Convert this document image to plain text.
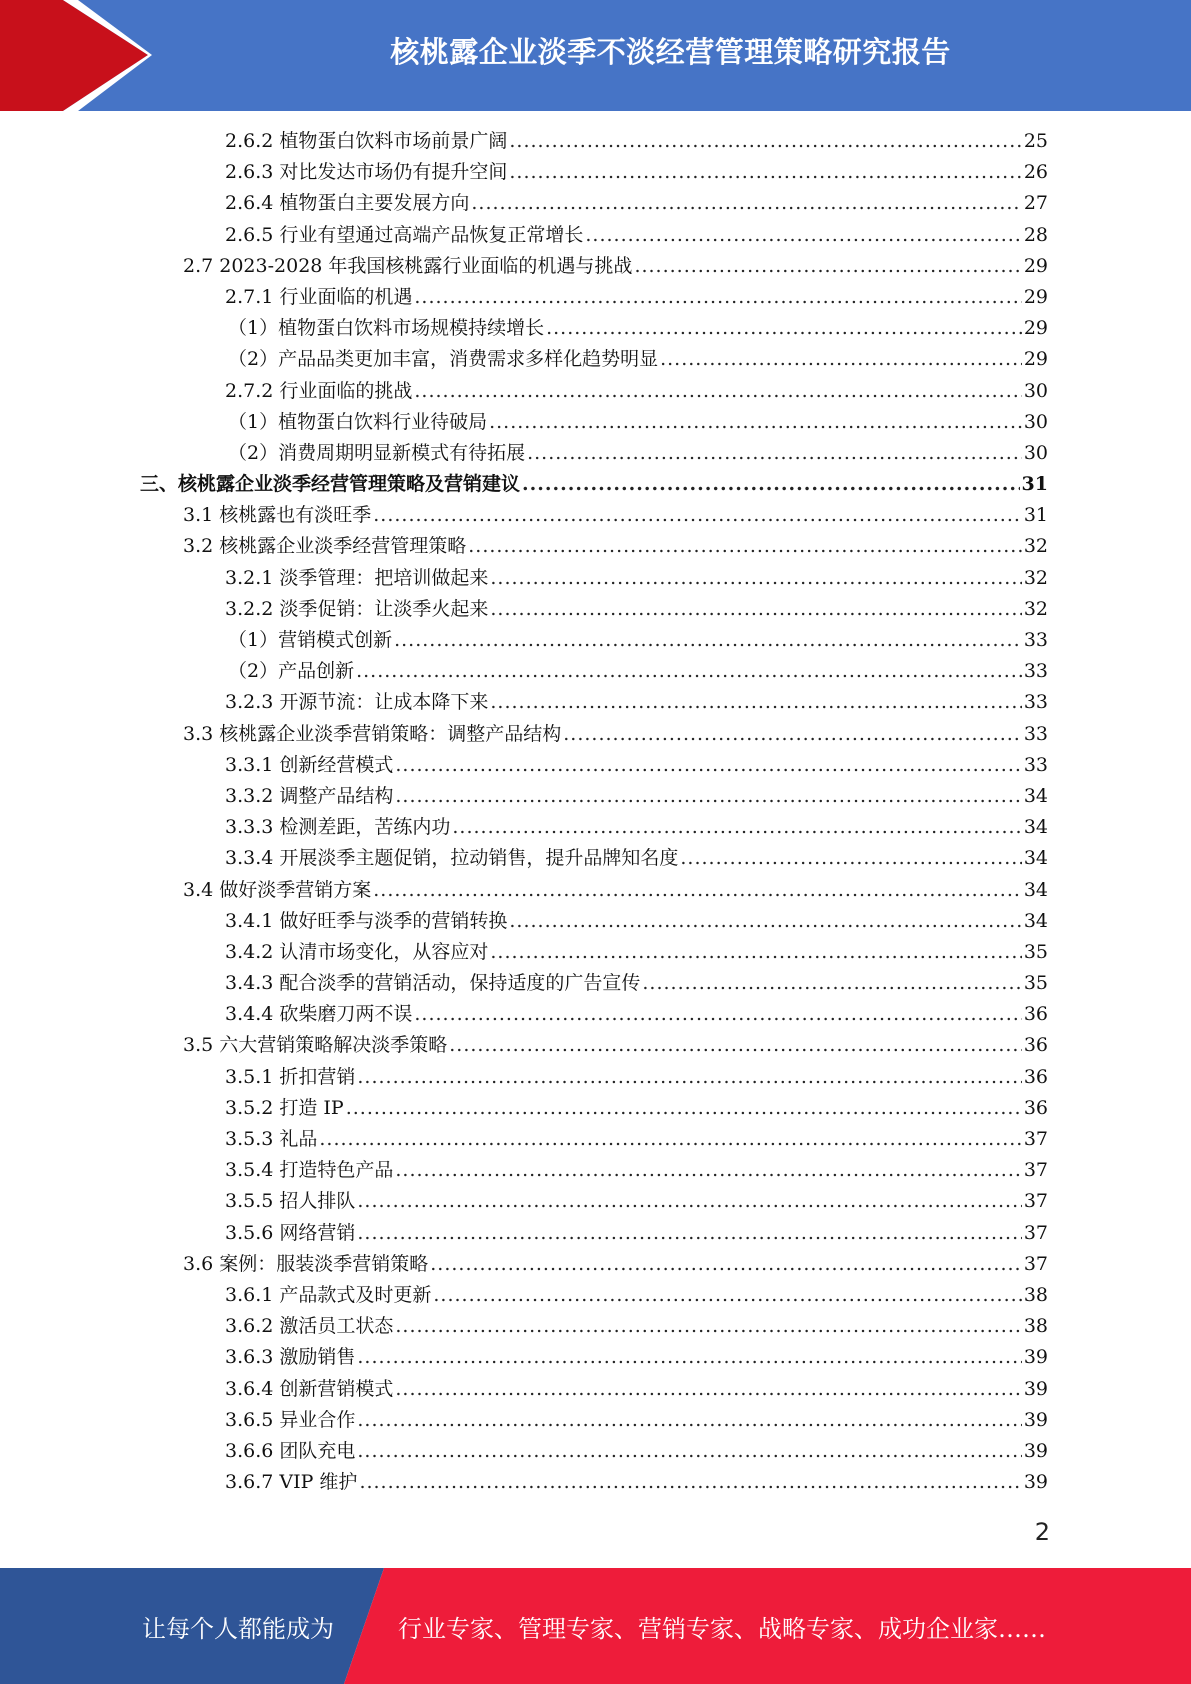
核桃露企业淡季不淡经营管理策略研究报告
2.6.2 植物蛋白饮料市场前景广阔 .....	25
2.6.3 对比发达市场仍有提升空间 .....	26
2.6.4 植物蛋白主要发展方向 .....	27
2.6.5 行业有望通过高端产品恢复正常增长 .....	28
2.7 2023-2028 年我国核桃露行业面临的机遇与挑战 .....	29
2.7.1 行业面临的机遇 .....	29
（1）植物蛋白饮料市场规模持续增长 .....	29
（2）产品品类更加丰富，消费需求多样化趋势明显 .....	29
2.7.2 行业面临的挑战 .....	30
（1）植物蛋白饮料行业待破局 .....	30
（2）消费周期明显新模式有待拓展 .....	30
三、核桃露企业淡季经营管理策略及营销建议 .....	31
3.1 核桃露也有淡旺季 .....	31
3.2 核桃露企业淡季经营管理策略 .....	32
3.2.1 淡季管理：把培训做起来 .....	32
3.2.2 淡季促销：让淡季火起来 .....	32
（1）营销模式创新 .....	33
（2）产品创新 .....	33
3.2.3 开源节流：让成本降下来 .....	33
3.3 核桃露企业淡季营销策略：调整产品结构 .....	33
3.3.1 创新经营模式 .....	33
3.3.2 调整产品结构 .....	34
3.3.3 检测差距，苦练内功 .....	34
3.3.4 开展淡季主题促销，拉动销售，提升品牌知名度 .....	34
3.4 做好淡季营销方案 .....	34
3.4.1 做好旺季与淡季的营销转换 .....	34
3.4.2 认清市场变化，从容应对 .....	35
3.4.3 配合淡季的营销活动，保持适度的广告宣传 .....	35
3.4.4 砍柴磨刀两不误 .....	36
3.5 六大营销策略解决淡季策略 .....	36
3.5.1 折扣营销 .....	36
3.5.2 打造 IP .....	36
3.5.3 礼品 .....	37
3.5.4 打造特色产品 .....	37
3.5.5 招人排队 .....	37
3.5.6 网络营销 .....	37
3.6 案例：服装淡季营销策略 .....	37
3.6.1 产品款式及时更新 .....	38
3.6.2 激活员工状态 .....	38
3.6.3 激励销售 .....	39
3.6.4 创新营销模式 .....	39
3.6.5 异业合作 .....	39
3.6.6 团队充电 .....	39
3.6.7 VIP 维护 .....	39
2
让每个人都能成为	行业专家、管理专家、营销专家、战略专家、成功企业家……
